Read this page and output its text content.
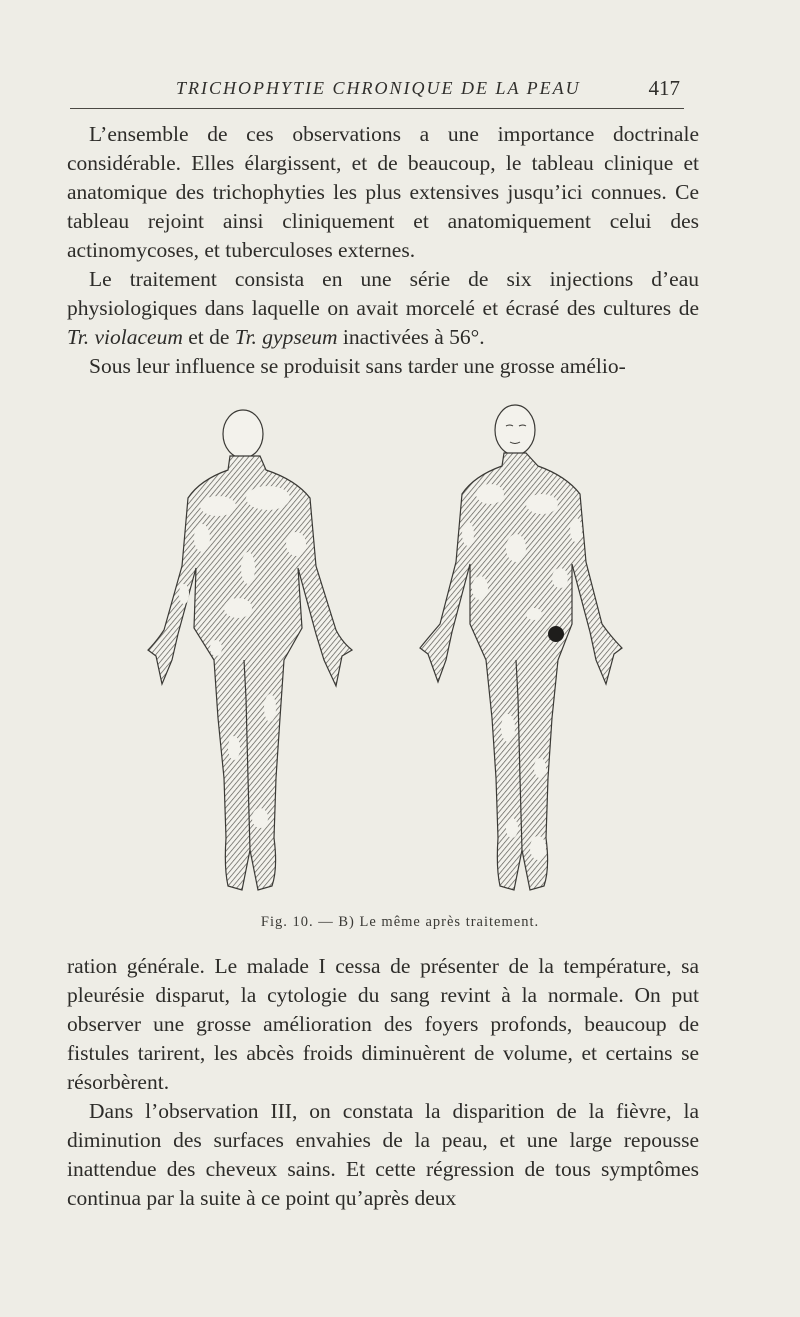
TRICHOPHYTIE CHRONIQUE DE LA PEAU	417

L’ensemble de ces observations a une importance doctrinale considérable. Elles élargissent, et de beaucoup, le tableau clinique et anatomique des trichophyties les plus extensives jusqu’ici connues. Ce tableau rejoint ainsi cliniquement et anatomiquement celui des actinomycoses, et tuberculoses externes.

Le traitement consista en une série de six injections d’eau physiologiques dans laquelle on avait morcelé et écrasé des cultures de Tr. violaceum et de Tr. gypseum inactivées à 56°.

Sous leur influence se produisit sans tarder une grosse amélio-

Fig. 10. — B) Le même après traitement.

ration générale. Le malade I cessa de présenter de la température, sa pleurésie disparut, la cytologie du sang revint à la normale. On put observer une grosse amélioration des foyers profonds, beaucoup de fistules tarirent, les abcès froids diminuèrent de volume, et certains se résorbèrent.

Dans l’observation III, on constata la disparition de la fièvre, la diminution des surfaces envahies de la peau, et une large repousse inattendue des cheveux sains. Et cette régression de tous symptômes continua par la suite à ce point qu’après deux
